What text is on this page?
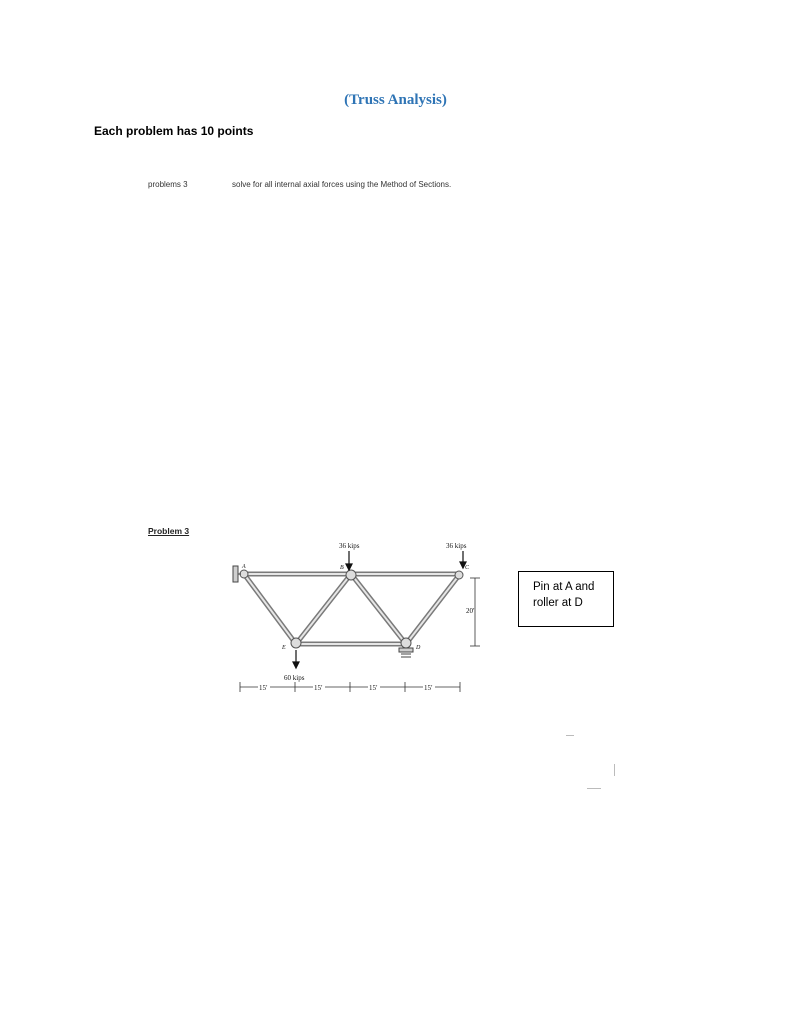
(Truss Analysis)
Each problem has 10 points
problems 3	solve for all internal axial forces using the Method of Sections.
Problem 3
36 kips	36 kips
60 kips
A	B	C
D
E
20′
15′	15′	15′	15′
Pin at A and
roller at D
